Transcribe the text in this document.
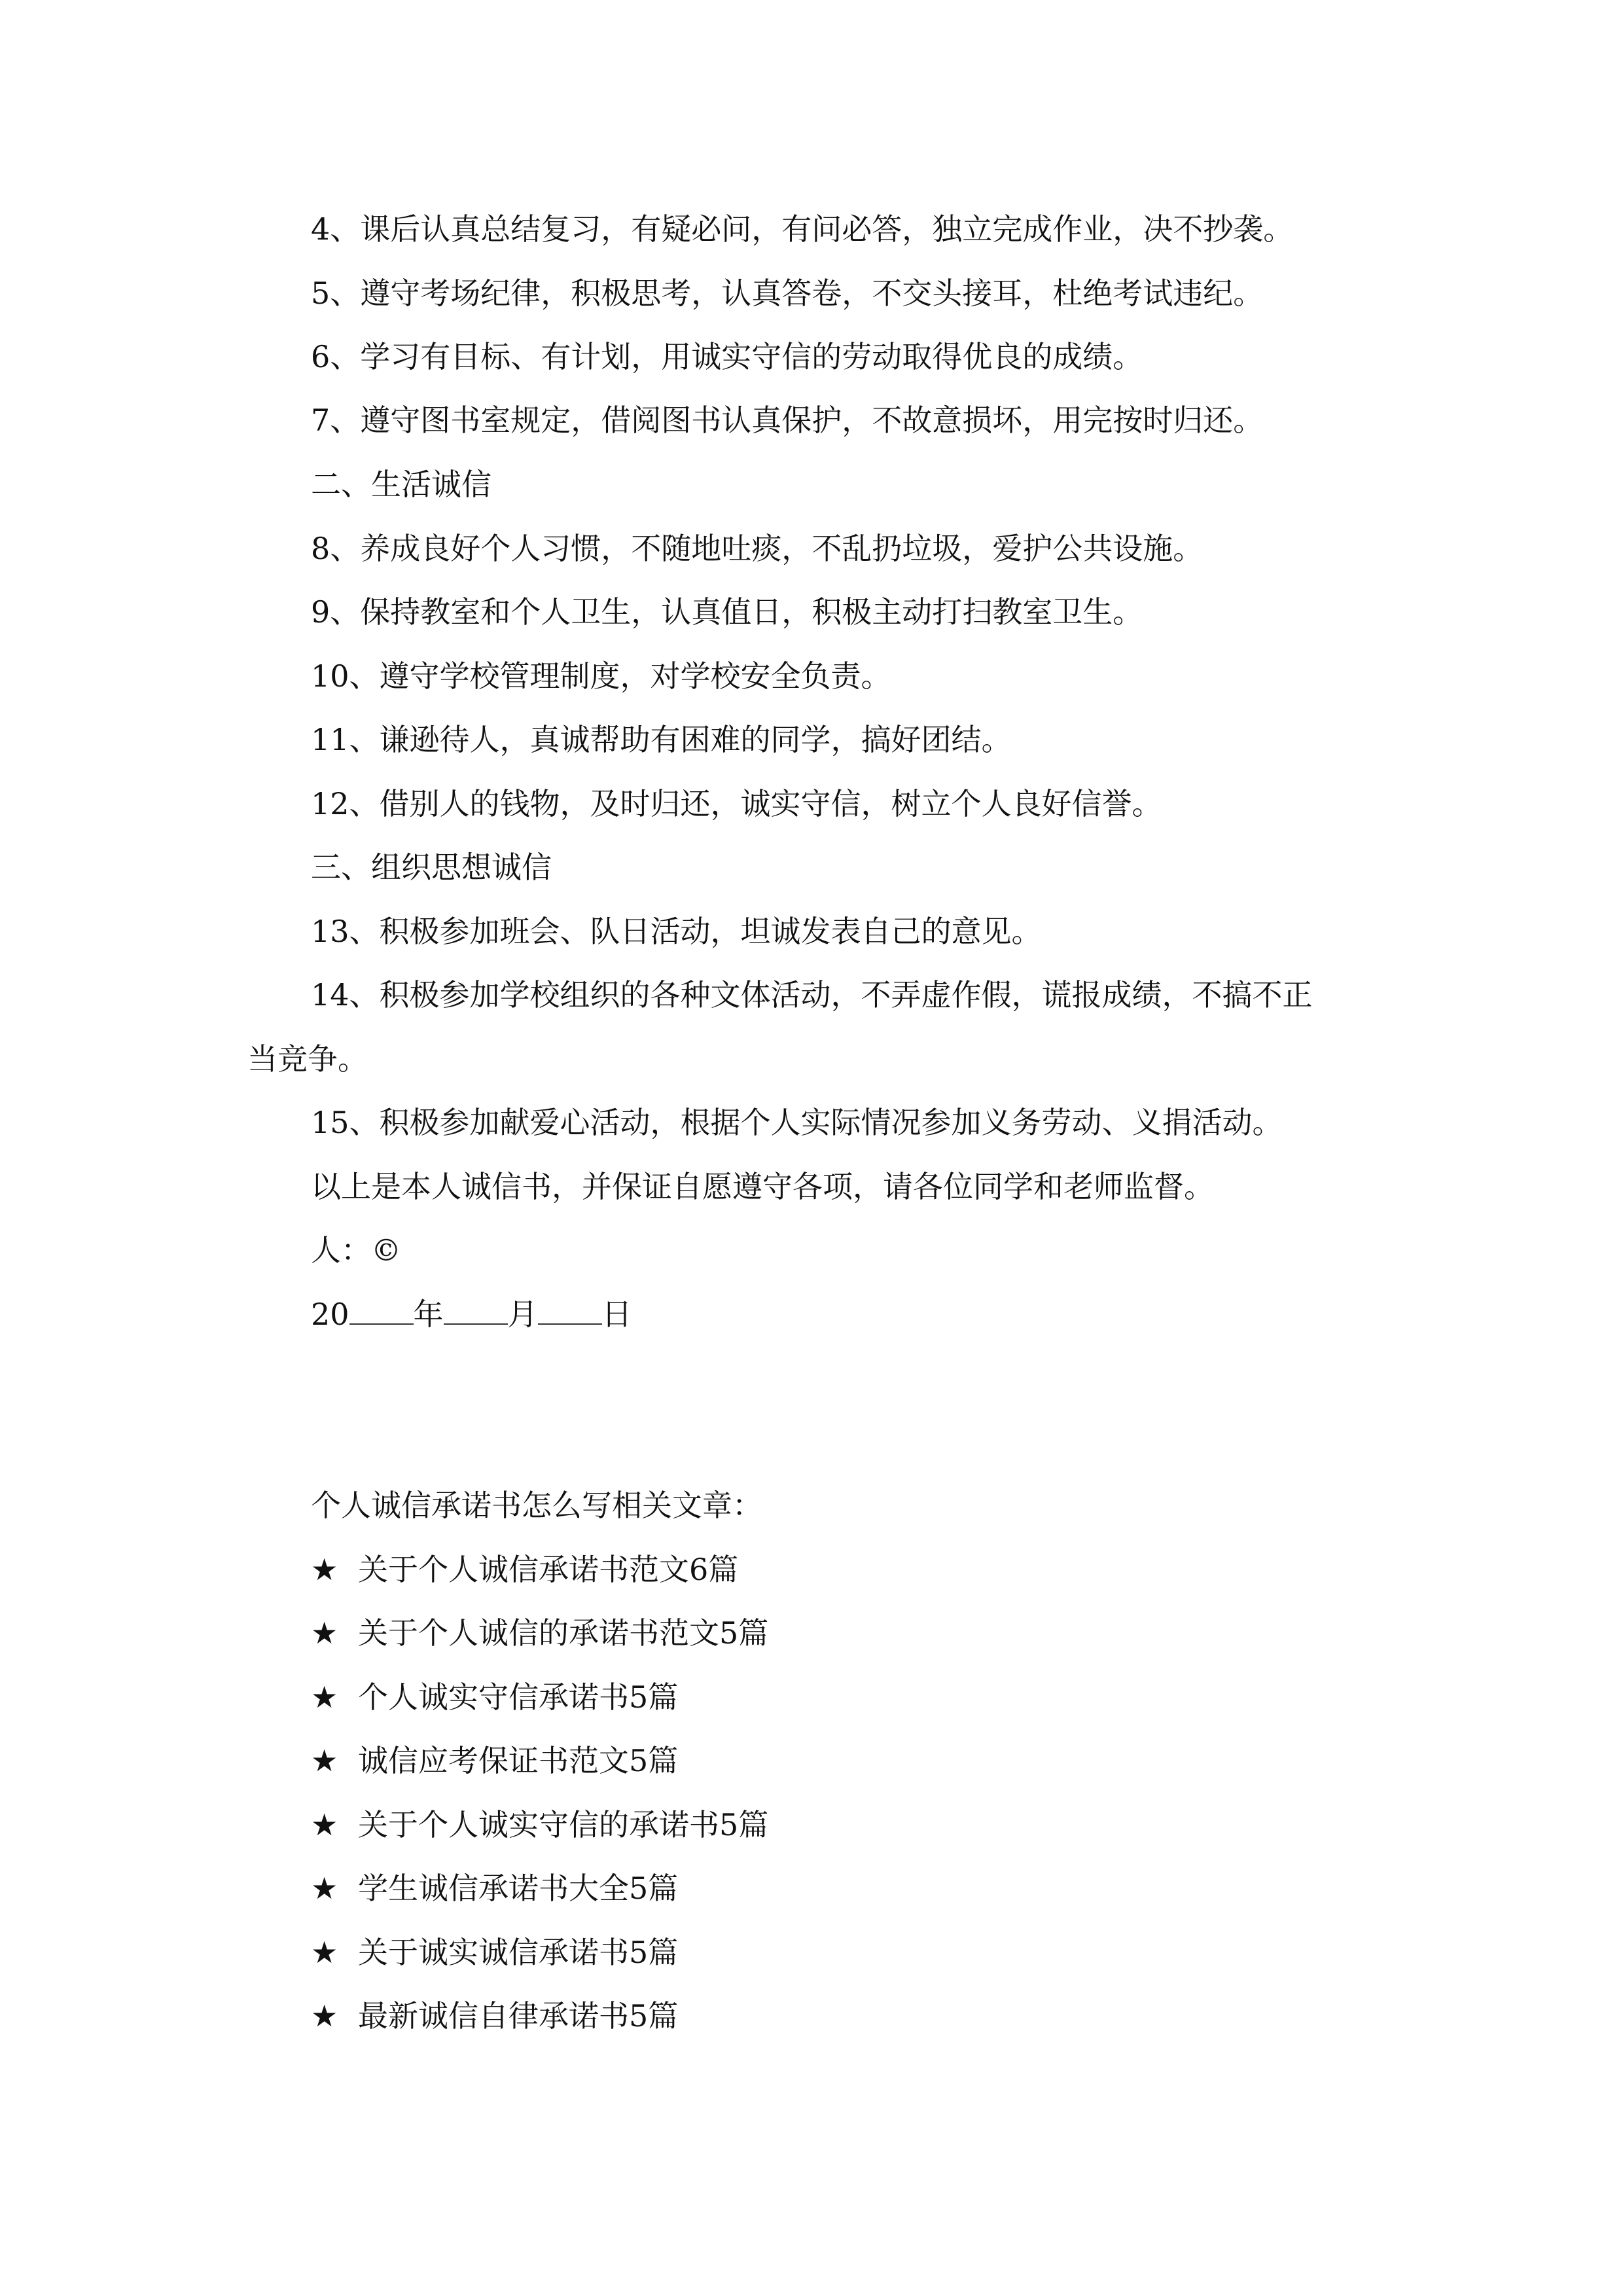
4、课后认真总结复习，有疑必问，有问必答，独立完成作业，决不抄袭。
5、遵守考场纪律，积极思考，认真答卷，不交头接耳，杜绝考试违纪。
6、学习有目标、有计划，用诚实守信的劳动取得优良的成绩。
7、遵守图书室规定，借阅图书认真保护，不故意损坏，用完按时归还。
二、生活诚信
8、养成良好个人习惯，不随地吐痰，不乱扔垃圾，爱护公共设施。
9、保持教室和个人卫生，认真值日，积极主动打扫教室卫生。
10、遵守学校管理制度，对学校安全负责。
11、谦逊待人，真诚帮助有困难的同学，搞好团结。
12、借别人的钱物，及时归还，诚实守信，树立个人良好信誉。
三、组织思想诚信
13、积极参加班会、队日活动，坦诚发表自己的意见。
14、积极参加学校组织的各种文体活动，不弄虚作假，谎报成绩，不搞不正
当竞争。
15、积极参加献爱心活动，根据个人实际情况参加义务劳动、义捐活动。
以上是本人诚信书，并保证自愿遵守各项，请各位同学和老师监督。
人：©
20 年 月 日
个人诚信承诺书怎么写相关文章：
★ 关于个人诚信承诺书范文6篇
★ 关于个人诚信的承诺书范文5篇
★ 个人诚实守信承诺书5篇
★ 诚信应考保证书范文5篇
★ 关于个人诚实守信的承诺书5篇
★ 学生诚信承诺书大全5篇
★ 关于诚实诚信承诺书5篇
★ 最新诚信自律承诺书5篇
